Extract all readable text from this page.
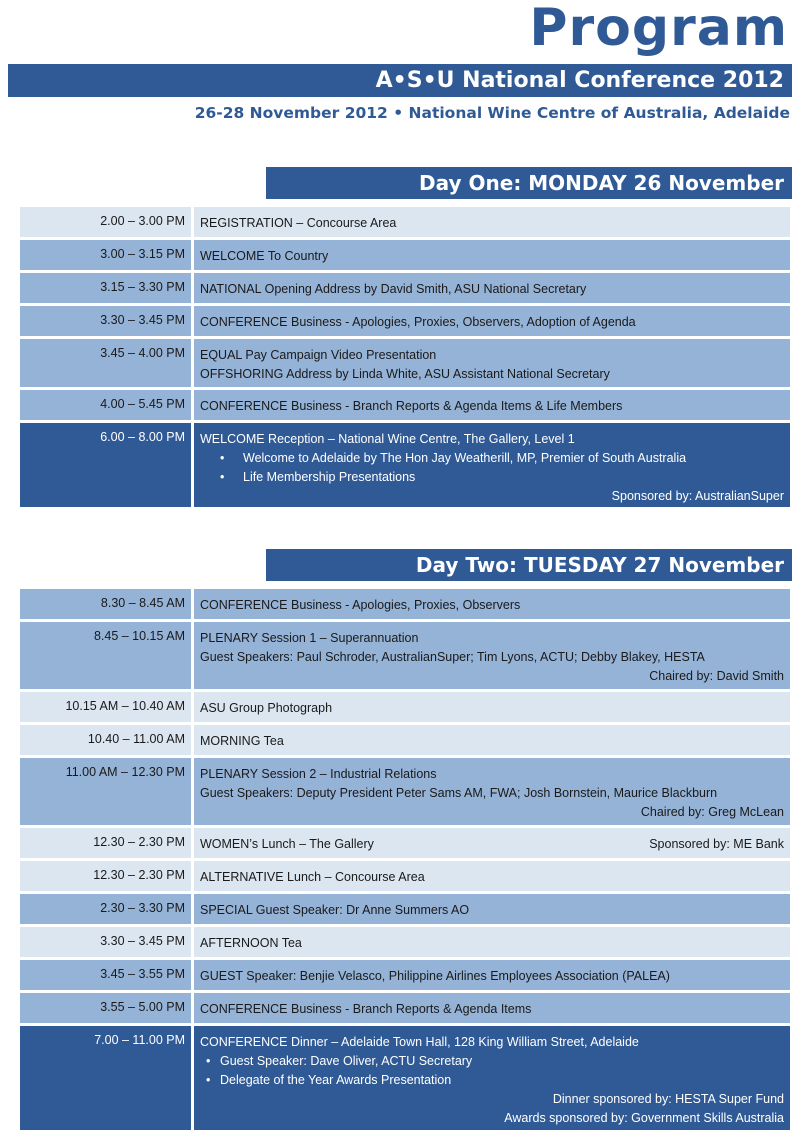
Program
A•S•U National Conference 2012
26-28 November 2012 • National Wine Centre of Australia, Adelaide
Day One: MONDAY 26 November
2.00 – 3.00 PM	REGISTRATION – Concourse Area
3.00 – 3.15 PM	WELCOME To Country
3.15 – 3.30 PM	NATIONAL Opening Address by David Smith, ASU National Secretary
3.30 – 3.45 PM	CONFERENCE Business - Apologies, Proxies, Observers, Adoption of Agenda
3.45 – 4.00 PM	EQUAL Pay Campaign Video Presentation
OFFSHORING Address by Linda White, ASU Assistant National Secretary
4.00 – 5.45 PM	CONFERENCE Business - Branch Reports & Agenda Items & Life Members
6.00 – 8.00 PM	WELCOME Reception – National Wine Centre, The Gallery, Level 1
• Welcome to Adelaide by The Hon Jay Weatherill, MP, Premier of South Australia
• Life Membership Presentations
Sponsored by: AustralianSuper
Day Two: TUESDAY 27 November
8.30 – 8.45 AM	CONFERENCE Business - Apologies, Proxies, Observers
8.45 – 10.15 AM	PLENARY Session 1 – Superannuation
Guest Speakers: Paul Schroder, AustralianSuper; Tim Lyons, ACTU; Debby Blakey, HESTA
Chaired by: David Smith
10.15 AM – 10.40 AM	ASU Group Photograph
10.40 – 11.00 AM	MORNING Tea
11.00 AM – 12.30 PM	PLENARY Session 2 – Industrial Relations
Guest Speakers: Deputy President Peter Sams AM, FWA; Josh Bornstein, Maurice Blackburn
Chaired by: Greg McLean
12.30 – 2.30 PM	WOMEN’s Lunch – The Gallery	Sponsored by: ME Bank
12.30 – 2.30 PM	ALTERNATIVE Lunch – Concourse Area
2.30 – 3.30 PM	SPECIAL Guest Speaker: Dr Anne Summers AO
3.30 – 3.45 PM	AFTERNOON Tea
3.45 – 3.55 PM	GUEST Speaker: Benjie Velasco, Philippine Airlines Employees Association (PALEA)
3.55 – 5.00 PM	CONFERENCE Business - Branch Reports & Agenda Items
7.00 – 11.00 PM	CONFERENCE Dinner – Adelaide Town Hall, 128 King William Street, Adelaide
• Guest Speaker: Dave Oliver, ACTU Secretary
• Delegate of the Year Awards Presentation
Dinner sponsored by: HESTA Super Fund
Awards sponsored by: Government Skills Australia
